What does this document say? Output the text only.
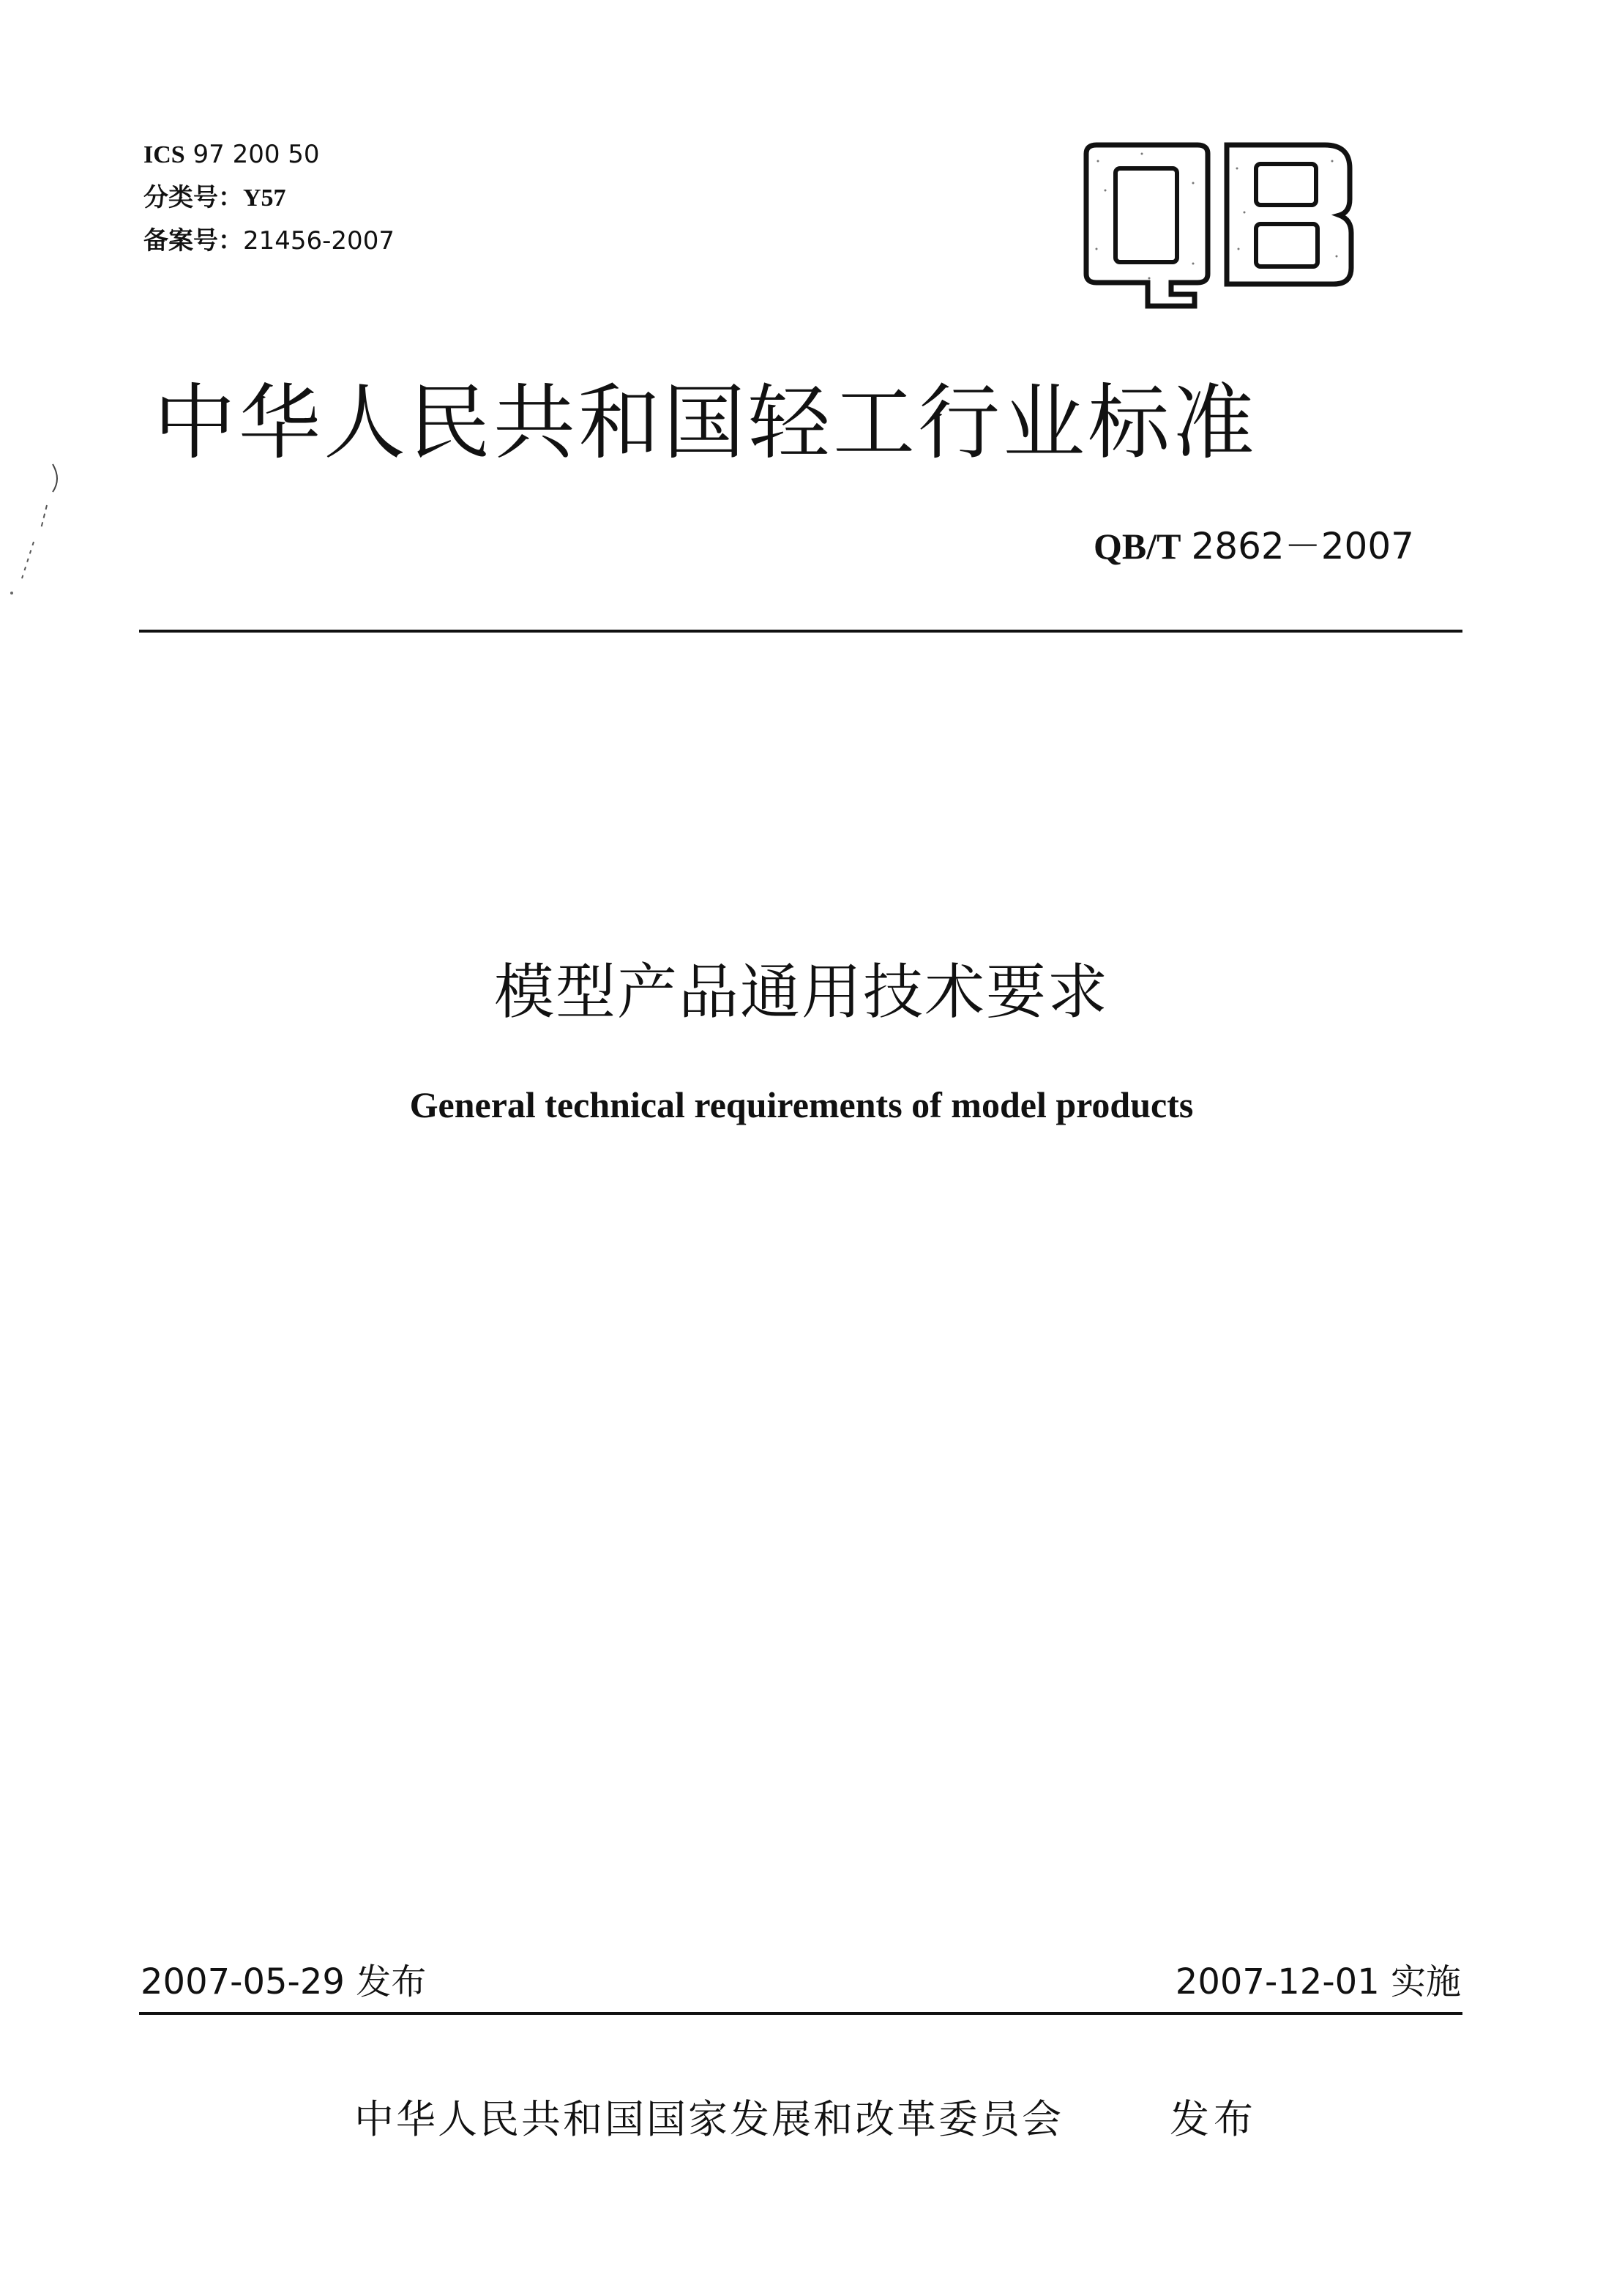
ICS 97 200 50
分类号：Y57
备案号：21456-2007
中华人民共和国轻工行业标准
QB/T 2862－2007
模型产品通用技术要求
General technical requirements of model products
2007-05-29 发布	2007-12-01 实施
中华人民共和国国家发展和改革委员会	发布
